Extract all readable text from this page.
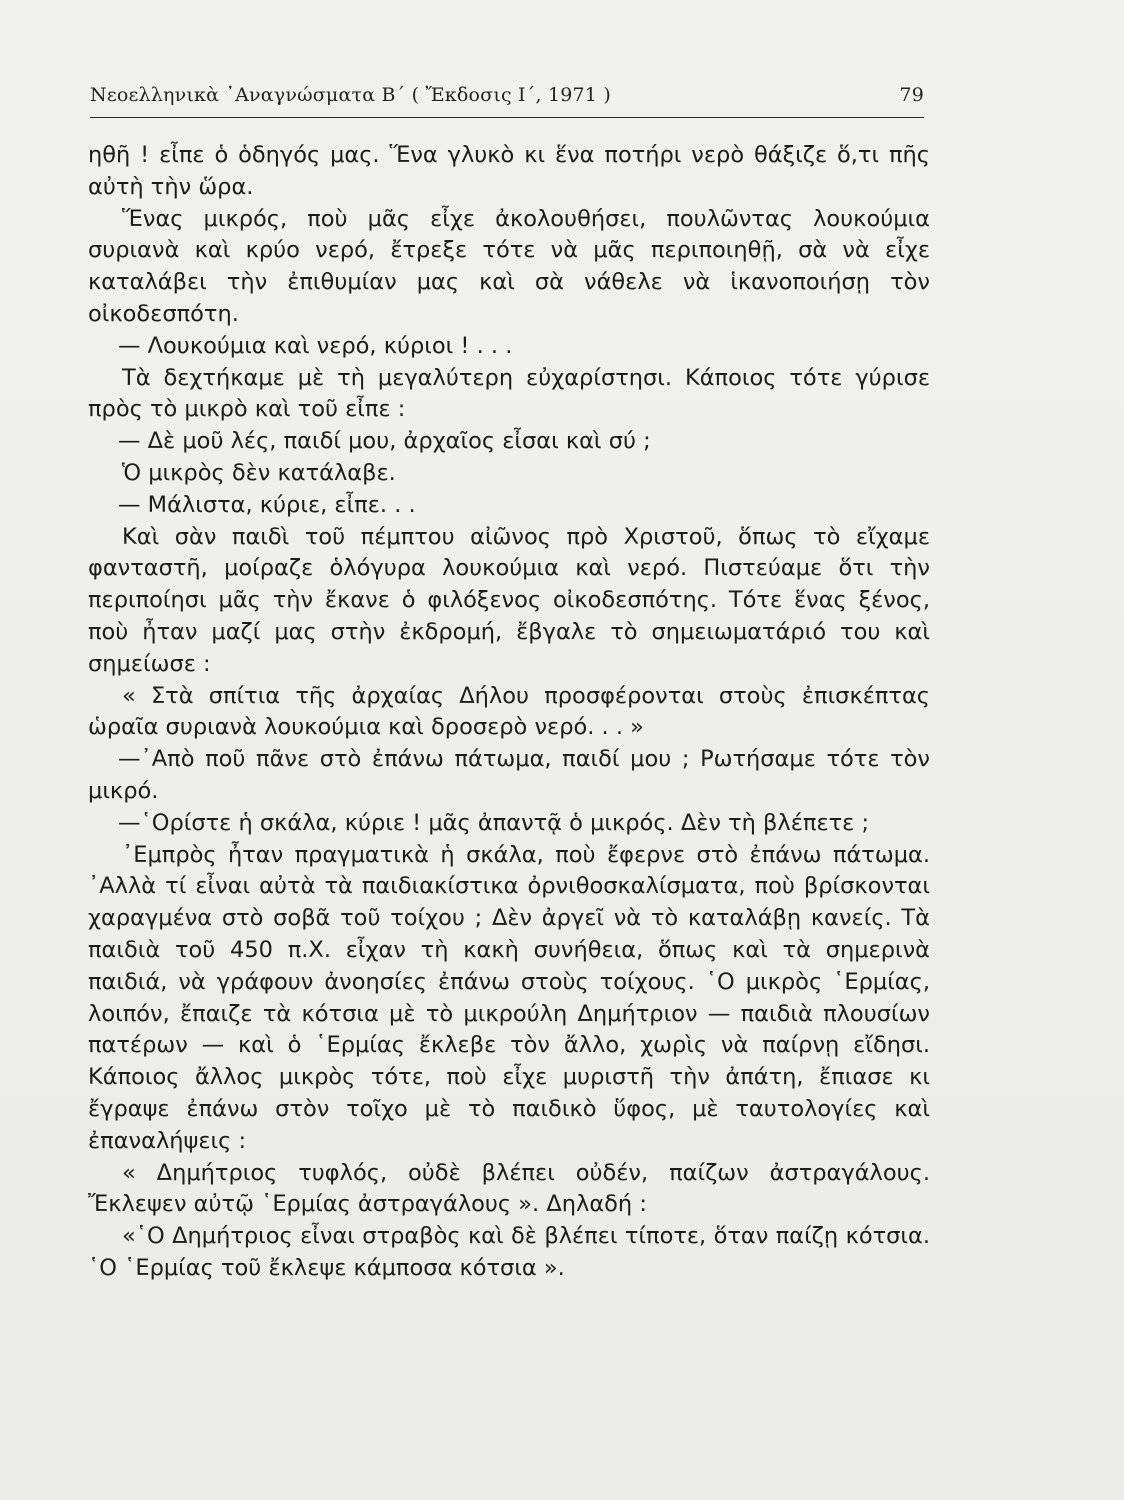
Νεοελληνικὰ ᾿Αναγνώσματα Β΄ ( Ἔκδοσις Ι΄, 1971 )	79

ηθῆ ! εἶπε ὁ ὁδηγός μας. Ἕνα γλυκὸ κι ἕνα ποτήρι νερὸ θάξιζε ὅ,τι πῆς αὐτὴ τὴν ὥρα.

Ἕνας μικρός, ποὺ μᾶς εἶχε ἀκολουθήσει, πουλῶντας λουκούμια συριανὰ καὶ κρύο νερό, ἔτρεξε τότε νὰ μᾶς περιποιηθῇ, σὰ νὰ εἶχε καταλάβει τὴν ἐπιθυμίαν μας καὶ σὰ νάθελε νὰ ἱκανοποιήσῃ τὸν οἰκοδεσπότη.

— Λουκούμια καὶ νερό, κύριοι ! . . .

Τὰ δεχτήκαμε μὲ τὴ μεγαλύτερη εὐχαρίστησι. Κάποιος τότε γύρισε πρὸς τὸ μικρὸ καὶ τοῦ εἶπε :

— Δὲ μοῦ λές, παιδί μου, ἀρχαῖος εἶσαι καὶ σύ ;

Ὁ μικρὸς δὲν κατάλαβε.

— Μάλιστα, κύριε, εἶπε. . .

Καὶ σὰν παιδὶ τοῦ πέμπτου αἰῶνος πρὸ Χριστοῦ, ὅπως τὸ εἴχαμε φανταστῆ, μοίραζε ὁλόγυρα λουκούμια καὶ νερό. Πιστεύαμε ὅτι τὴν περιποίησι μᾶς τὴν ἔκανε ὁ φιλόξενος οἰκοδεσπότης. Τότε ἕνας ξένος, ποὺ ἦταν μαζί μας στὴν ἐκδρομή, ἔβγαλε τὸ σημειωματάριό του καὶ σημείωσε :

« Στὰ σπίτια τῆς ἀρχαίας Δήλου προσφέρονται στοὺς ἐπισκέπτας ὡραῖα συριανὰ λουκούμια καὶ δροσερὸ νερό. . . »

—᾿Απὸ ποῦ πᾶνε στὸ ἐπάνω πάτωμα, παιδί μου ; Ρωτήσαμε τότε τὸν μικρό.

—῾Ορίστε ἡ σκάλα, κύριε ! μᾶς ἀπαντᾷ ὁ μικρός. Δὲν τὴ βλέπετε ;

᾿Εμπρὸς ἦταν πραγματικὰ ἡ σκάλα, ποὺ ἔφερνε στὸ ἐπάνω πάτωμα. ᾿Αλλὰ τί εἶναι αὐτὰ τὰ παιδιακίστικα ὀρνιθοσκαλίσματα, ποὺ βρίσκονται χαραγμένα στὸ σοβᾶ τοῦ τοίχου ; Δὲν ἀργεῖ νὰ τὸ καταλάβῃ κανείς. Τὰ παιδιὰ τοῦ 450 π.Χ. εἶχαν τὴ κακὴ συνήθεια, ὅπως καὶ τὰ σημερινὰ παιδιά, νὰ γράφουν ἀνοησίες ἐπάνω στοὺς τοίχους. ῾Ο μικρὸς ῾Ερμίας, λοιπόν, ἔπαιζε τὰ κότσια μὲ τὸ μικρούλη Δημήτριον — παιδιὰ πλουσίων πατέρων — καὶ ὁ ῾Ερμίας ἔκλεβε τὸν ἄλλο, χωρὶς νὰ παίρνῃ εἴδησι. Κάποιος ἄλλος μικρὸς τότε, ποὺ εἶχε μυριστῆ τὴν ἀπάτη, ἔπιασε κι ἔγραψε ἐπάνω στὸν τοῖχο μὲ τὸ παιδικὸ ὕφος, μὲ ταυτολογίες καὶ ἐπαναλήψεις :

« Δημήτριος τυφλός, οὐδὲ βλέπει οὐδέν, παίζων ἀστραγάλους. Ἔκλεψεν αὐτῷ ῾Ερμίας ἀστραγάλους ». Δηλαδή :

«῾Ο Δημήτριος εἶναι στραβὸς καὶ δὲ βλέπει τίποτε, ὅταν παίζῃ κότσια. ῾Ο ῾Ερμίας τοῦ ἔκλεψε κάμποσα κότσια ».
